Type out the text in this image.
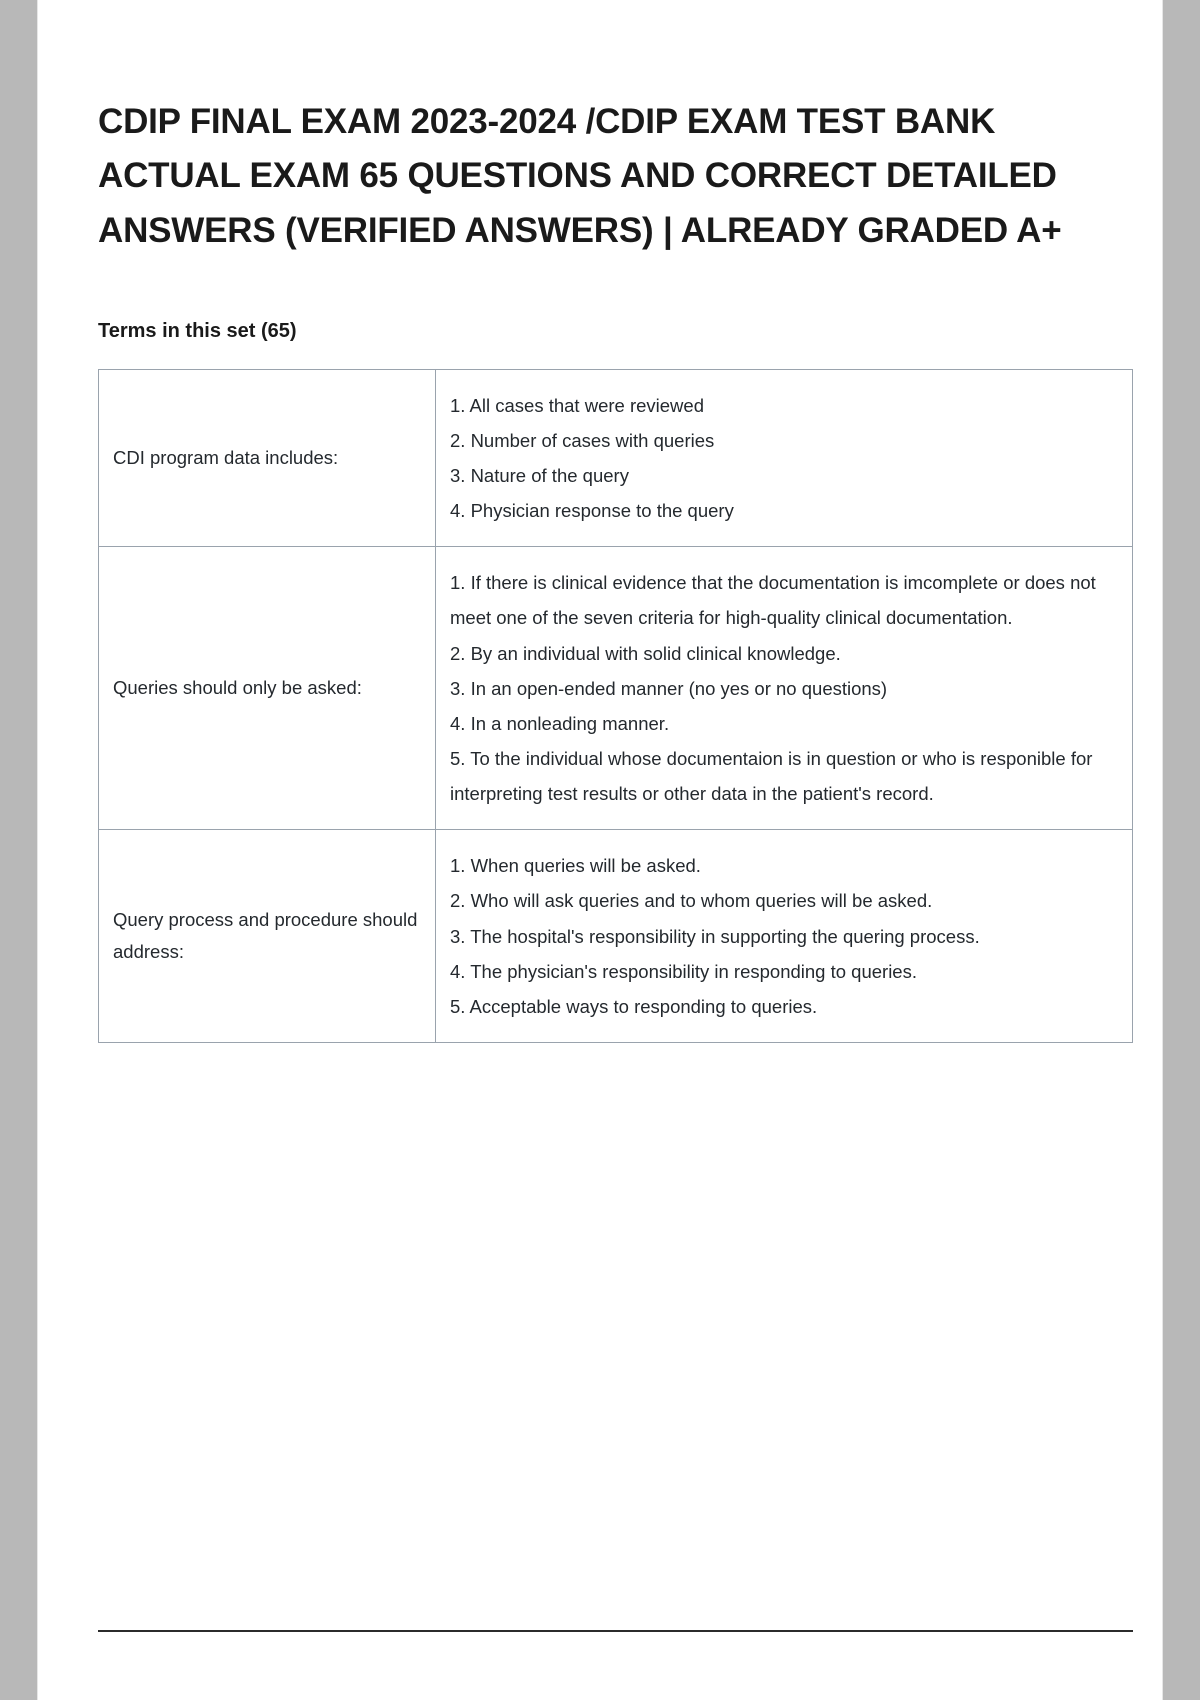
CDIP FINAL EXAM 2023-2024 /CDIP EXAM TEST BANK ACTUAL EXAM 65 QUESTIONS AND CORRECT DETAILED ANSWERS (VERIFIED ANSWERS) | ALREADY GRADED A+
Terms in this set (65)
CDI program data includes:	1. All cases that were reviewed
2. Number of cases with queries
3. Nature of the query
4. Physician response to the query

Queries should only be asked:	1. If there is clinical evidence that the documentation is imcomplete or does not meet one of the seven criteria for high-quality clinical documentation.
2. By an individual with solid clinical knowledge.
3. In an open-ended manner (no yes or no questions)
4. In a nonleading manner.
5. To the individual whose documentaion is in question or who is responible for interpreting test results or other data in the patient's record.

Query process and procedure should address:	1. When queries will be asked.
2. Who will ask queries and to whom queries will be asked.
3. The hospital's responsibility in supporting the quering process.
4. The physician's responsibility in responding to queries.
5. Acceptable ways to responding to queries.
